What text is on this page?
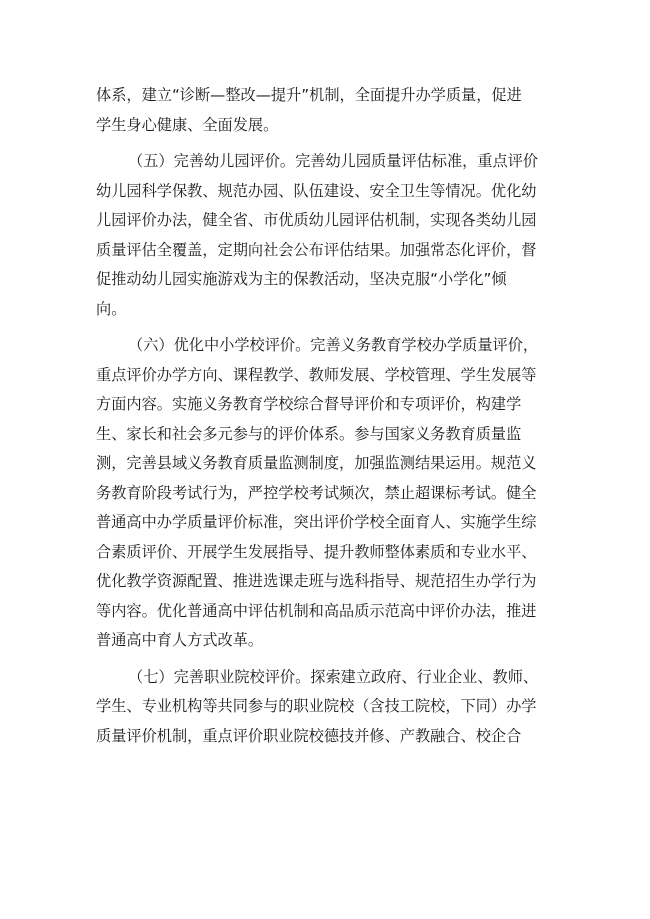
体系，建立“诊断—整改—提升”机制，全面提升办学质量，促进
学生身心健康、全面发展。
（五）完善幼儿园评价。完善幼儿园质量评估标准，重点评价
幼儿园科学保教、规范办园、队伍建设、安全卫生等情况。优化幼
儿园评价办法，健全省、市优质幼儿园评估机制，实现各类幼儿园
质量评估全覆盖，定期向社会公布评估结果。加强常态化评价，督
促推动幼儿园实施游戏为主的保教活动，坚决克服“小学化”倾
向。
（六）优化中小学校评价。完善义务教育学校办学质量评价，
重点评价办学方向、课程教学、教师发展、学校管理、学生发展等
方面内容。实施义务教育学校综合督导评价和专项评价，构建学
生、家长和社会多元参与的评价体系。参与国家义务教育质量监
测，完善县域义务教育质量监测制度，加强监测结果运用。规范义
务教育阶段考试行为，严控学校考试频次，禁止超课标考试。健全
普通高中办学质量评价标准，突出评价学校全面育人、实施学生综
合素质评价、开展学生发展指导、提升教师整体素质和专业水平、
优化教学资源配置、推进选课走班与选科指导、规范招生办学行为
等内容。优化普通高中评估机制和高品质示范高中评价办法，推进
普通高中育人方式改革。
（七）完善职业院校评价。探索建立政府、行业企业、教师、
学生、专业机构等共同参与的职业院校（含技工院校，下同）办学
质量评价机制，重点评价职业院校德技并修、产教融合、校企合
